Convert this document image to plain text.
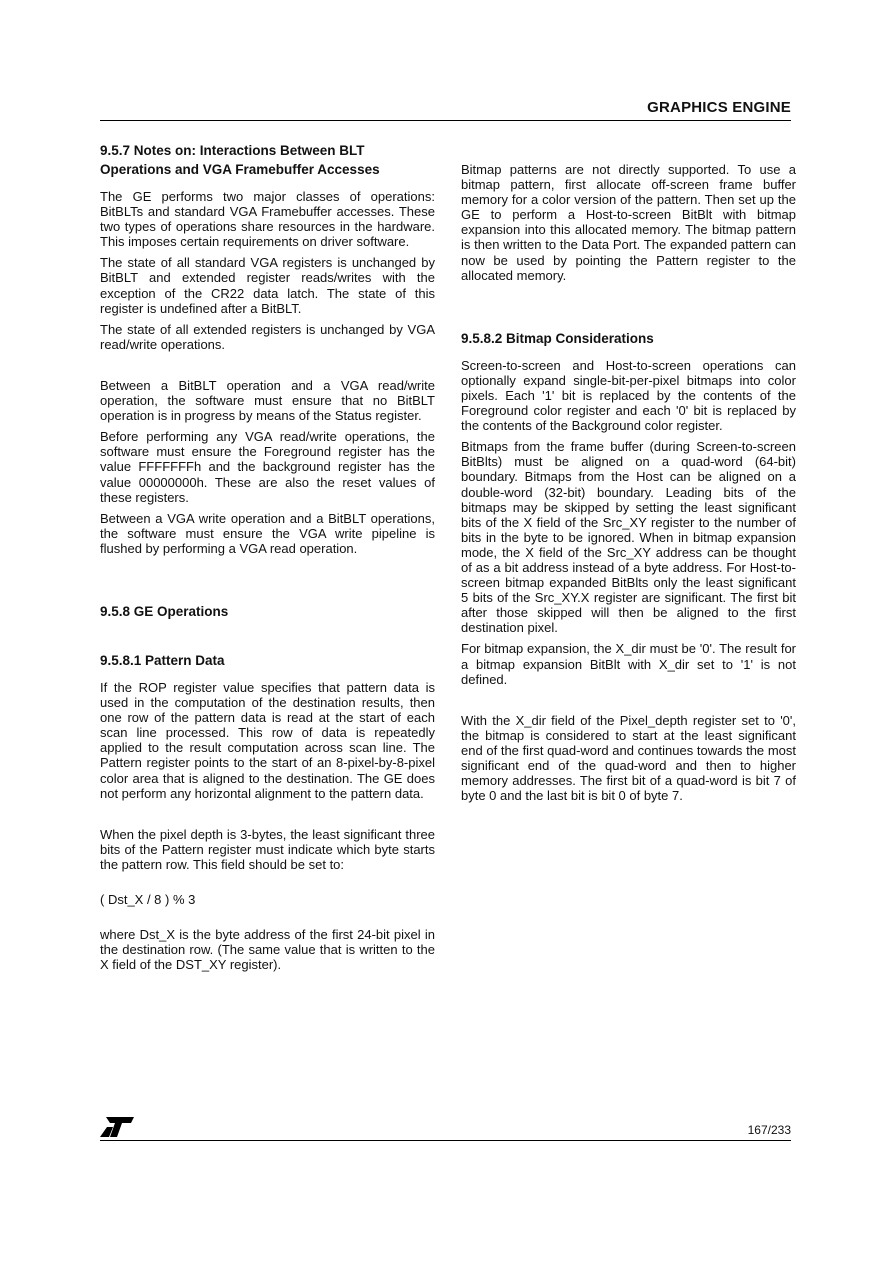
GRAPHICS ENGINE
9.5.7 Notes on: Interactions Between BLT Operations and VGA Framebuffer Accesses

The GE performs two major classes of operations: BitBLTs and standard VGA Framebuffer accesses. These two types of operations share resources in the hardware. This imposes certain requirements on driver software.

The state of all standard VGA registers is unchanged by BitBLT and extended register reads/writes with the exception of the CR22 data latch. The state of this register is undefined after a BitBLT.

The state of all extended registers is unchanged by VGA read/write operations.

Between a BitBLT operation and a VGA read/write operation, the software must ensure that no BitBLT operation is in progress by means of the Status register.

Before performing any VGA read/write operations, the software must ensure the Foreground register has the value FFFFFFFh and the background register has the value 00000000h. These are also the reset values of these registers.

Between a VGA write operation and a BitBLT operations, the software must ensure the VGA write pipeline is flushed by performing a VGA read operation.

9.5.8 GE Operations
9.5.8.1 Pattern Data

If the ROP register value specifies that pattern data is used in the computation of the destination results, then one row of the pattern data is read at the start of each scan line processed. This row of data is repeatedly applied to the result computation across scan line. The Pattern register points to the start of an 8-pixel-by-8-pixel color area that is aligned to the destination. The GE does not perform any horizontal alignment to the pattern data.

When the pixel depth is 3-bytes, the least significant three bits of the Pattern register must indicate which byte starts the pattern row. This field should be set to:

( Dst_X / 8 ) % 3

where Dst_X is the byte address of the first 24-bit pixel in the destination row. (The same value that is written to the X field of the DST_XY register).

Bitmap patterns are not directly supported. To use a bitmap pattern, first allocate off-screen frame buffer memory for a color version of the pattern. Then set up the GE to perform a Host-to-screen BitBlt with bitmap expansion into this allocated memory. The bitmap pattern is then written to the Data Port. The expanded pattern can now be used by pointing the Pattern register to the allocated memory.

9.5.8.2 Bitmap Considerations

Screen-to-screen and Host-to-screen operations can optionally expand single-bit-per-pixel bitmaps into color pixels. Each '1' bit is replaced by the contents of the Foreground color register and each '0' bit is replaced by the contents of the Background color register.

Bitmaps from the frame buffer (during Screen-to-screen BitBlts) must be aligned on a quad-word (64-bit) boundary. Bitmaps from the Host can be aligned on a double-word (32-bit) boundary. Leading bits of the bitmaps may be skipped by setting the least significant bits of the X field of the Src_XY register to the number of bits in the byte to be ignored. When in bitmap expansion mode, the X field of the Src_XY address can be thought of as a bit address instead of a byte address. For Host-to-screen bitmap expanded BitBlts only the least significant 5 bits of the Src_XY.X register are significant. The first bit after those skipped will then be aligned to the first destination pixel.

For bitmap expansion, the X_dir must be '0'. The result for a bitmap expansion BitBlt with X_dir set to '1' is not defined.

With the X_dir field of the Pixel_depth register set to '0', the bitmap is considered to start at the least significant end of the first quad-word and continues towards the most significant end of the quad-word and then to higher memory addresses. The first bit of a quad-word is bit 7 of byte 0 and the last bit is bit 0 of byte 7.

167/233
